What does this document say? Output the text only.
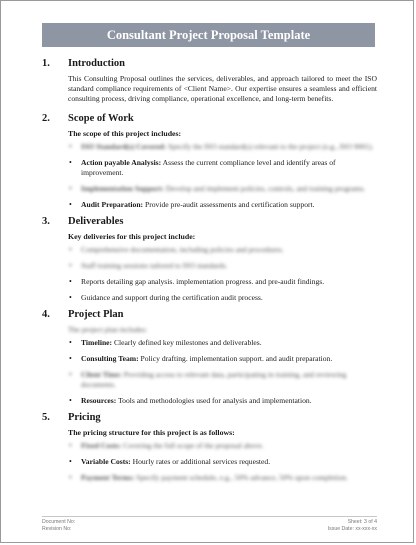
Consultant Project Proposal Template
1.	Introduction
This Consulting Proposal outlines the services, deliverables, and approach tailored to meet the ISO standard compliance requirements of <Client Name>. Our expertise ensures a seamless and efficient consulting process, driving compliance, operational excellence, and long-term benefits.
2.	Scope of Work
The scope of this project includes:
• ISO Standard(s) Covered: Specify the ISO standard(s) relevant to the project (e.g., ISO 9001).
• Action payable Analysis: Assess the current compliance level and identify areas of improvement.
• Implementation Support: Develop and implement policies, controls, and training programs.
• Audit Preparation: Provide pre-audit assessments and certification support.
3.	Deliverables
Key deliveries for this project include:
• Comprehensive documentation, including policies and procedures.
• Staff training sessions tailored to ISO standards.
• Reports detailing gap analysis. implementation progress. and pre-audit findings.
• Guidance and support during the certification audit process.
4.	Project Plan
The project plan includes:
• Timeline: Clearly defined key milestones and deliverables.
• Consulting Team: Policy drafting. implementation support. and audit preparation.
• Client Time: Providing access to relevant data, participating in training, and reviewing documents.
• Resources: Tools and methodologies used for analysis and implementation.
5.	Pricing
The pricing structure for this project is as follows:
• Fixed Costs: Covering the full scope of the proposal above.
• Variable Costs: Hourly rates or additional services requested.
• Payment Terms: Specify payment schedule, e.g., 50% advance, 50% upon completion.
Document No:
Revision No:
Sheet: 3 of 4
Issue Date: xx-xxx-xx
